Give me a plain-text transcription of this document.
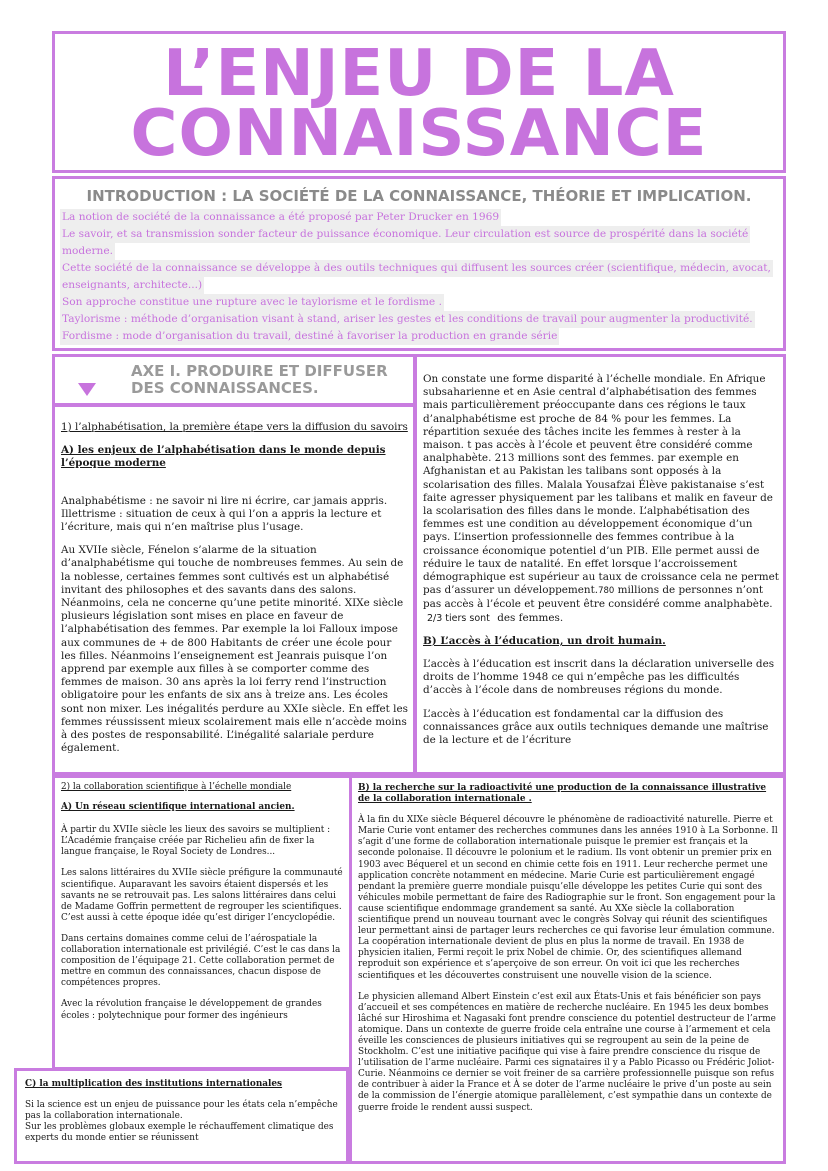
L’ENJEU DE LA
CONNAISSANCE
INTRODUCTION : LA SOCIÉTÉ DE LA CONNAISSANCE, THÉORIE ET IMPLICATION.
La notion de société de la connaissance a été proposé par Peter Drucker en 1969
Le savoir, et sa transmission sonder facteur de puissance économique. Leur circulation est source de prospérité dans la société
moderne.
Cette société de la connaissance se développe à des outils techniques qui diffusent les sources créer (scientifique, médecin, avocat,
enseignants, architecte...)
Son approche constitue une rupture avec le taylorisme et le fordisme .
Taylorisme : méthode d’organisation visant à stand, ariser les gestes et les conditions de travail pour augmenter la productivité.
Fordisme : mode d’organisation du travail, destiné à favoriser la production en grande série
AXE I. PRODUIRE ET DIFFUSER DES CONNAISSANCES.

1) l’alphabétisation, la première étape vers la diffusion du savoirs

A) les enjeux de l’alphabétisation dans le monde depuis l’époque moderne

Analphabétisme : ne savoir ni lire ni écrire, car jamais appris.

Illettrisme : situation de ceux à qui l’on a appris la lecture et l’écriture, mais qui n’en maîtrise plus l’usage.

Au XVIIe siècle, Fénelon s’alarme de la situation d’analphabétisme qui touche de nombreuses femmes. Au sein de la noblesse, certaines femmes sont cultivés est un alphabétisé invitant des philosophes et des savants dans des salons. Néanmoins, cela ne concerne qu’une petite minorité. XIXe siècle plusieurs législation sont mises en place en faveur de l’alphabétisation des femmes. Par exemple la loi Falloux impose aux communes de + de 800 Habitants de créer une école pour les filles. Néanmoins l’enseignement est Jeanrais puisque l’on apprend par exemple aux filles à se comporter comme des femmes de maison. 30 ans après la loi ferry rend l’instruction obligatoire pour les enfants de six ans à treize ans. Les écoles sont non mixer. Les inégalités perdure au XXIe siècle. En effet les femmes réussissent mieux scolairement mais elle n’accède moins à des postes de responsabilité. L’inégalité salariale perdure également.

On constate une forme disparité à l’échelle mondiale. En Afrique subsaharienne et en Asie central d’alphabétisation des femmes mais particulièrement préoccupante dans ces régions le taux d’analphabétisme est proche de 84 % pour les femmes. La répartition sexuée des tâches incite les femmes à rester à la maison. t pas accès à l’école et peuvent être considéré comme analphabète. 213 millions sont des femmes. par exemple en Afghanistan et au Pakistan les talibans sont opposés à la scolarisation des filles. Malala Yousafzai Élève pakistanaise s’est faite agresser physiquement par les talibans et malik en faveur de la scolarisation des filles dans le monde. L’alphabétisation des femmes est une condition au développement économique d’un pays. L’insertion professionnelle des femmes contribue à la croissance économique potentiel d’un PIB. Elle permet aussi de réduire le taux de natalité. En effet lorsque l’accroissement démographique est supérieur au taux de croissance cela ne permet pas d’assurer un développement.780 millions de personnes n’ont pas accès à l’école et peuvent être considéré comme analphabète. 2/3 tiers sont des femmes.

B) L’accès à l’éducation, un droit humain.

L’accès à l’éducation est inscrit dans la déclaration universelle des droits de l’homme 1948 ce qui n’empêche pas les difficultés d’accès à l’école dans de nombreuses régions du monde.

L’accès à l’éducation est fondamental car la diffusion des connaissances grâce aux outils techniques demande une maîtrise de la lecture et de l’écriture

2) la collaboration scientifique à l’échelle mondiale

A) Un réseau scientifique international ancien.

À partir du XVIIe siècle les lieux des savoirs se multiplient : L’Académie française créée par Richelieu afin de fixer la langue française, le Royal Society de Londres...

Les salons littéraires du XVIIe siècle préfigure la communauté scientifique. Auparavant les savoirs étaient dispersés et les savants ne se retrouvait pas. Les salons littéraires dans celui de Madame Goffrin permettent de regrouper les scientifiques. C’est aussi à cette époque idée qu’est diriger l’encyclopédie.

Dans certains domaines comme celui de l’aérospatiale la collaboration internationale est privilégié. C’est le cas dans la composition de l’équipage 21. Cette collaboration permet de mettre en commun des connaissances, chacun dispose de compétences propres.

Avec la révolution française le développement de grandes écoles : polytechnique pour former des ingénieurs

C) la multiplication des institutions internationales

Si la science est un enjeu de puissance pour les états cela n’empêche pas la collaboration internationale.

Sur les problèmes globaux exemple le réchauffement climatique des experts du monde entier se réunissent

B) la recherche sur la radioactivité une production de la connaissance illustrative de la collaboration internationale .

À la fin du XIXe siècle Béquerel découvre le phénomène de radioactivité naturelle. Pierre et Marie Curie vont entamer des recherches communes dans les années 1910 à La Sorbonne. Il s’agit d’une forme de collaboration internationale puisque le premier est français et la seconde polonaise. Il découvre le polonium et le radium. Ils vont obtenir un premier prix en 1903 avec Béquerel et un second en chimie cette fois en 1911. Leur recherche permet une application concrète notamment en médecine. Marie Curie est particulièrement engagé pendant la première guerre mondiale puisqu’elle développe les petites Curie qui sont des véhicules mobile permettant de faire des Radiographie sur le front. Son engagement pour la cause scientifique endommage grandement sa santé. Au XXe siècle la collaboration scientifique prend un nouveau tournant avec le congrès Solvay qui réunit des scientifiques leur permettant ainsi de partager leurs recherches ce qui favorise leur émulation commune. La coopération internationale devient de plus en plus la norme de travail. En 1938 de physicien italien, Fermi reçoit le prix Nobel de chimie. Or, des scientifiques allemand reproduit son expérience et s’aperçoive de son erreur. On voit ici que les recherches scientifiques et les découvertes construisent une nouvelle vision de la science.

Le physicien allemand Albert Einstein c’est exil aux États-Unis et fais bénéficier son pays d’accueil et ses compétences en matière de recherche nucléaire. En 1945 les deux bombes lâché sur Hiroshima et Nagasaki font prendre conscience du potentiel destructeur de l’arme atomique. Dans un contexte de guerre froide cela entraîne une course à l’armement et cela éveille les consciences de plusieurs initiatives qui se regroupent au sein de la peine de Stockholm. C’est une initiative pacifique qui vise à faire prendre conscience du risque de l’utilisation de l’arme nucléaire. Parmi ces signataires il y a Pablo Picasso ou Frédéric Joliot-Curie. Néanmoins ce dernier se voit freiner de sa carrière professionnelle puisque son refus de contribuer à aider la France et À se doter de l’arme nucléaire le prive d’un poste au sein de la commission de l’énergie atomique parallèlement, c’est sympathie dans un contexte de guerre froide le rendent aussi suspect.
